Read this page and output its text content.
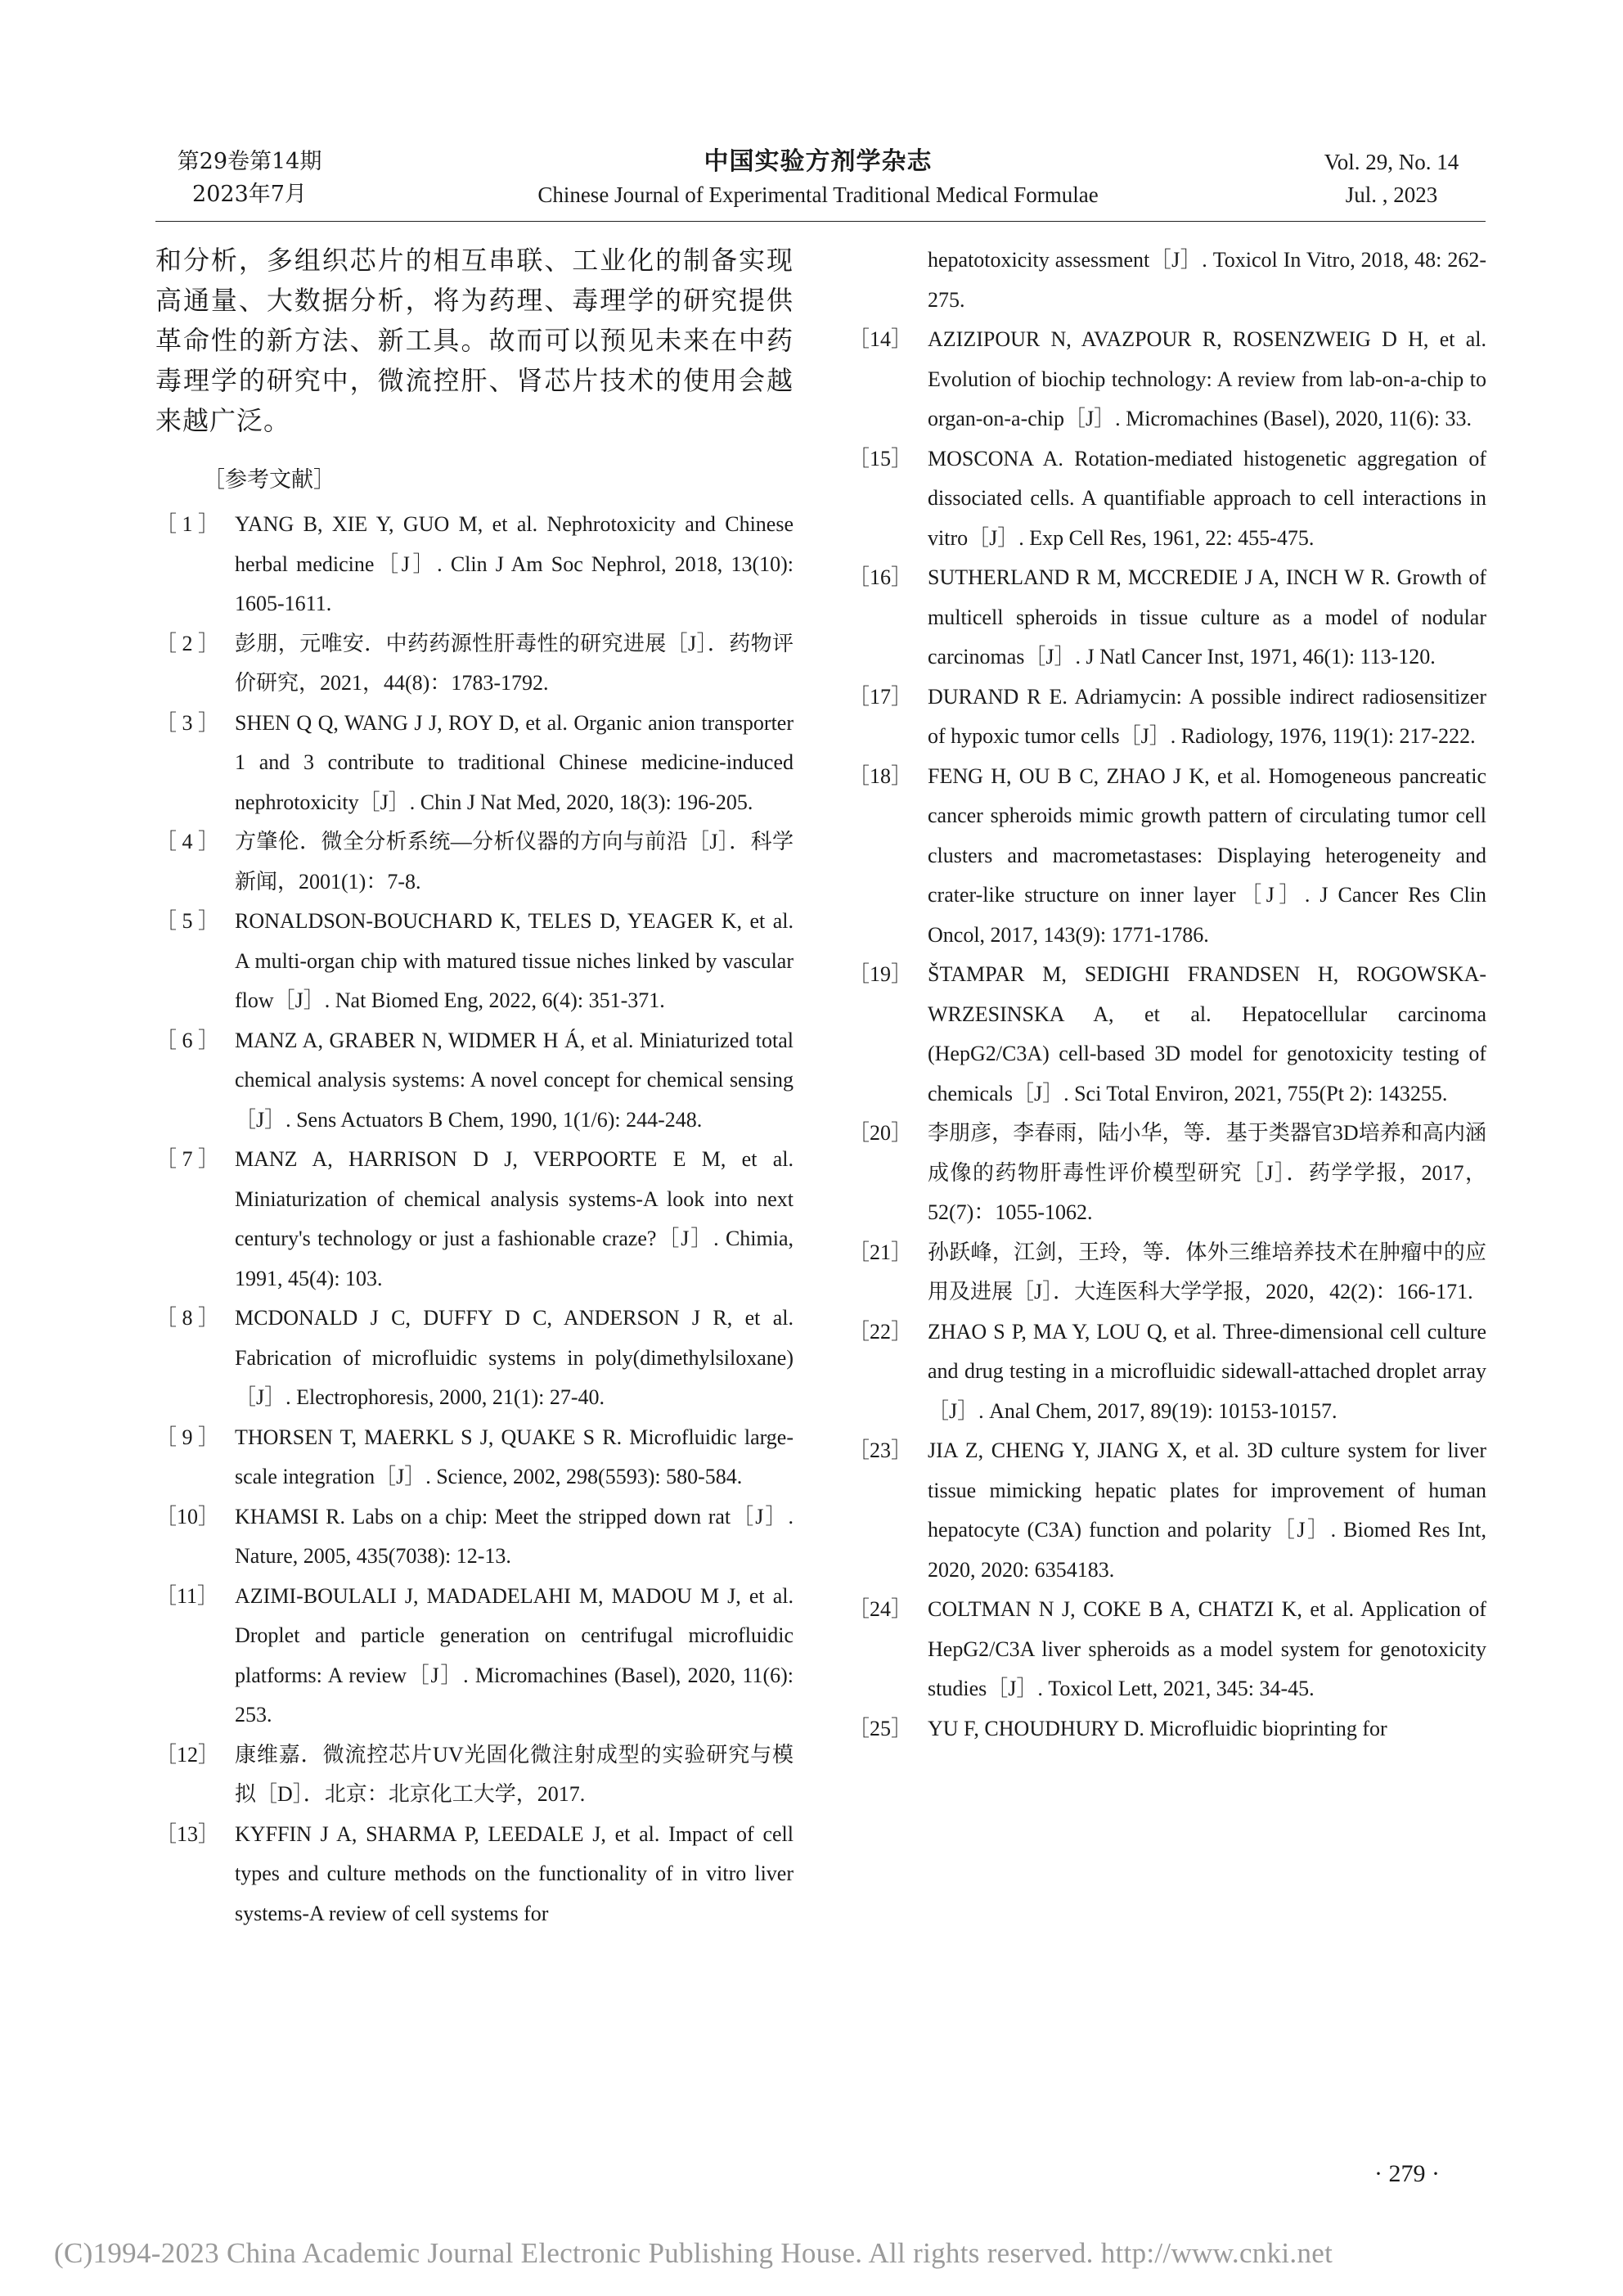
第29卷第14期
2023年7月
中国实验方剂学杂志
Chinese Journal of Experimental Traditional Medical Formulae
Vol. 29, No. 14
Jul. , 2023

和分析，多组织芯片的相互串联、工业化的制备实现高通量、大数据分析，将为药理、毒理学的研究提供革命性的新方法、新工具。故而可以预见未来在中药毒理学的研究中，微流控肝、肾芯片技术的使用会越来越广泛。

［参考文献］
［ 1 ］ YANG B, XIE Y, GUO M, et al. Nephrotoxicity and Chinese herbal medicine［J］. Clin J Am Soc Nephrol, 2018, 13(10): 1605-1611.
［ 2 ］ 彭朋，元唯安．中药药源性肝毒性的研究进展［J］．药物评价研究，2021，44(8)：1783-1792.
［ 3 ］ SHEN Q Q, WANG J J, ROY D, et al. Organic anion transporter 1 and 3 contribute to traditional Chinese medicine-induced nephrotoxicity［J］. Chin J Nat Med, 2020, 18(3): 196-205.
［ 4 ］ 方肇伦．微全分析系统—分析仪器的方向与前沿［J］．科学新闻，2001(1)：7-8.
［ 5 ］ RONALDSON-BOUCHARD K, TELES D, YEAGER K, et al. A multi-organ chip with matured tissue niches linked by vascular flow［J］. Nat Biomed Eng, 2022, 6(4): 351-371.
［ 6 ］ MANZ A, GRABER N, WIDMER H Á, et al. Miniaturized total chemical analysis systems: A novel concept for chemical sensing［J］. Sens Actuators B Chem, 1990, 1(1/6): 244-248.
［ 7 ］ MANZ A, HARRISON D J, VERPOORTE E M, et al. Miniaturization of chemical analysis systems-A look into next century's technology or just a fashionable craze?［J］. Chimia, 1991, 45(4): 103.
［ 8 ］ MCDONALD J C, DUFFY D C, ANDERSON J R, et al. Fabrication of microfluidic systems in poly(dimethylsiloxane)［J］. Electrophoresis, 2000, 21(1): 27-40.
［ 9 ］ THORSEN T, MAERKL S J, QUAKE S R. Microfluidic large-scale integration［J］. Science, 2002, 298(5593): 580-584.
［10］ KHAMSI R. Labs on a chip: Meet the stripped down rat［J］. Nature, 2005, 435(7038): 12-13.
［11］ AZIMI-BOULALI J, MADADELAHI M, MADOU M J, et al. Droplet and particle generation on centrifugal microfluidic platforms: A review［J］. Micromachines (Basel), 2020, 11(6): 253.
［12］ 康维嘉．微流控芯片UV光固化微注射成型的实验研究与模拟［D］．北京：北京化工大学，2017.
［13］ KYFFIN J A, SHARMA P, LEEDALE J, et al. Impact of cell types and culture methods on the functionality of in vitro liver systems-A review of cell systems for
hepatotoxicity assessment［J］. Toxicol In Vitro, 2018, 48: 262-275.
［14］ AZIZIPOUR N, AVAZPOUR R, ROSENZWEIG D H, et al. Evolution of biochip technology: A review from lab-on-a-chip to organ-on-a-chip［J］. Micromachines (Basel), 2020, 11(6): 33.
［15］ MOSCONA A. Rotation-mediated histogenetic aggregation of dissociated cells. A quantifiable approach to cell interactions in vitro［J］. Exp Cell Res, 1961, 22: 455-475.
［16］ SUTHERLAND R M, MCCREDIE J A, INCH W R. Growth of multicell spheroids in tissue culture as a model of nodular carcinomas［J］. J Natl Cancer Inst, 1971, 46(1): 113-120.
［17］ DURAND R E. Adriamycin: A possible indirect radiosensitizer of hypoxic tumor cells［J］. Radiology, 1976, 119(1): 217-222.
［18］ FENG H, OU B C, ZHAO J K, et al. Homogeneous pancreatic cancer spheroids mimic growth pattern of circulating tumor cell clusters and macrometastases: Displaying heterogeneity and crater-like structure on inner layer［J］. J Cancer Res Clin Oncol, 2017, 143(9): 1771-1786.
［19］ ŠTAMPAR M, SEDIGHI FRANDSEN H, ROGOWSKA-WRZESINSKA A, et al. Hepatocellular carcinoma (HepG2/C3A) cell-based 3D model for genotoxicity testing of chemicals［J］. Sci Total Environ, 2021, 755(Pt 2): 143255.
［20］ 李朋彦，李春雨，陆小华，等．基于类器官3D培养和高内涵成像的药物肝毒性评价模型研究［J］．药学学报，2017，52(7)：1055-1062.
［21］ 孙跃峰，江剑，王玲，等．体外三维培养技术在肿瘤中的应用及进展［J］．大连医科大学学报，2020，42(2)：166-171.
［22］ ZHAO S P, MA Y, LOU Q, et al. Three-dimensional cell culture and drug testing in a microfluidic sidewall-attached droplet array［J］. Anal Chem, 2017, 89(19): 10153-10157.
［23］ JIA Z, CHENG Y, JIANG X, et al. 3D culture system for liver tissue mimicking hepatic plates for improvement of human hepatocyte (C3A) function and polarity［J］. Biomed Res Int, 2020, 2020: 6354183.
［24］ COLTMAN N J, COKE B A, CHATZI K, et al. Application of HepG2/C3A liver spheroids as a model system for genotoxicity studies［J］. Toxicol Lett, 2021, 345: 34-45.
［25］ YU F, CHOUDHURY D. Microfluidic bioprinting for
· 279 ·
(C)1994-2023 China Academic Journal Electronic Publishing House. All rights reserved. http://www.cnki.net
